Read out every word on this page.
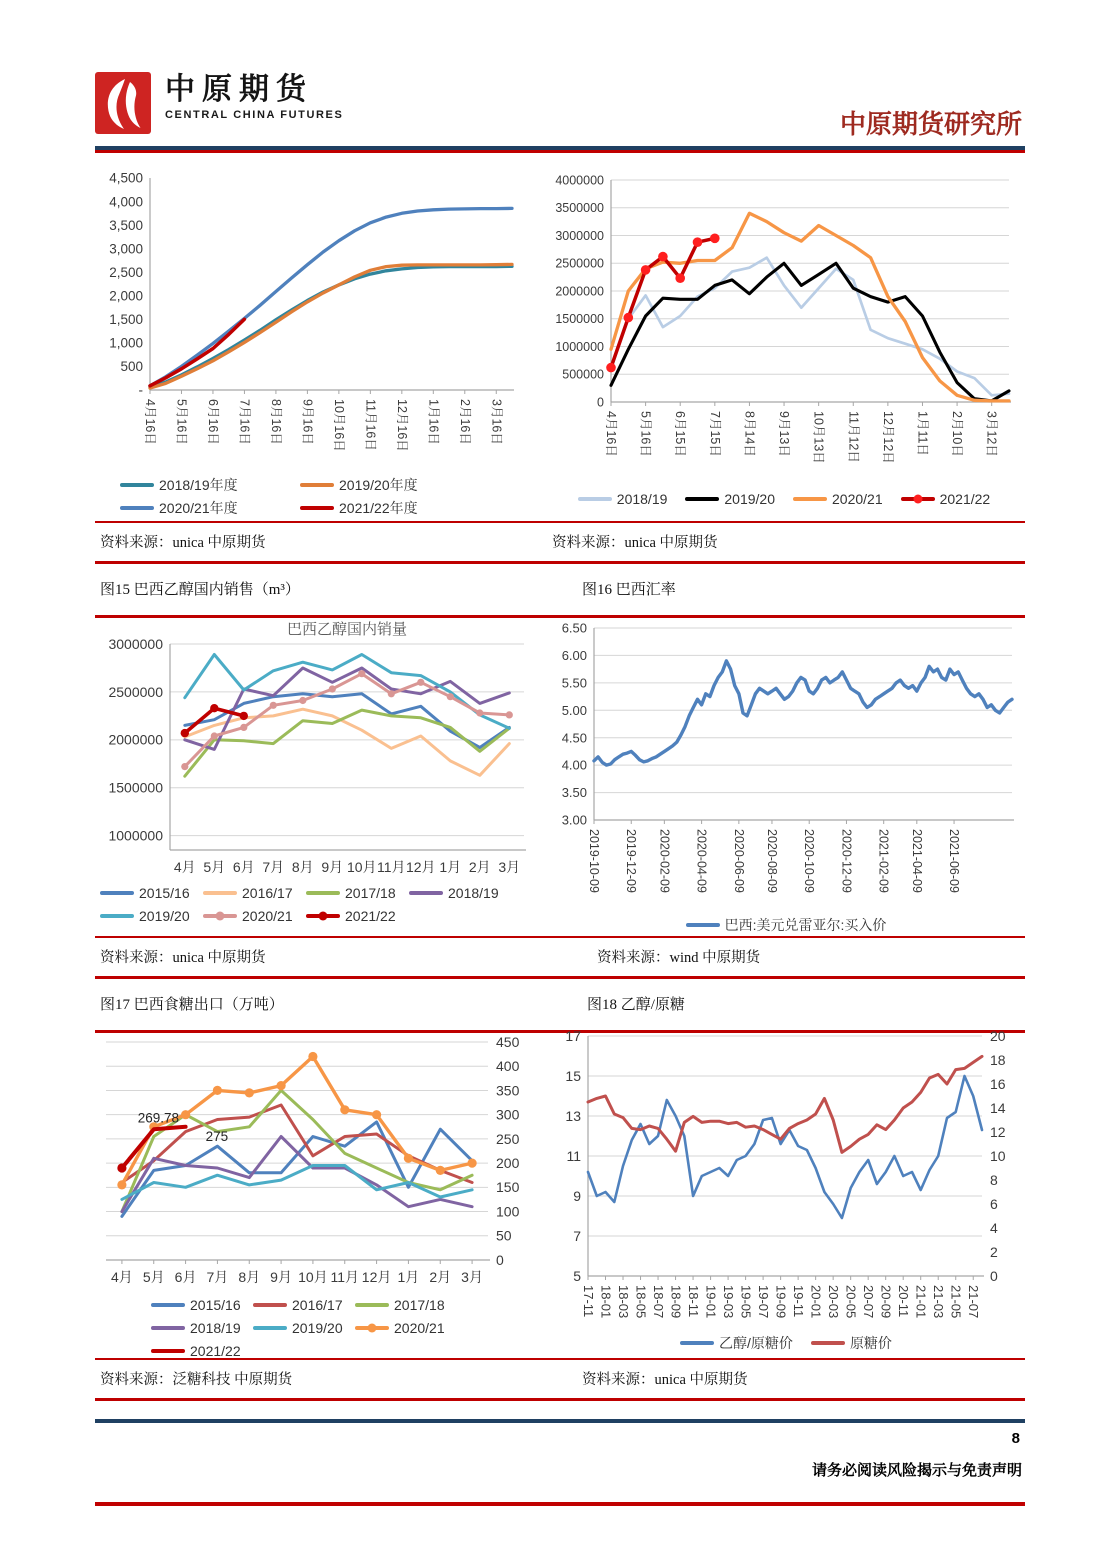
中原期货
CENTRAL CHINA FUTURES	中原期货研究所
-
500
1,000
1,500
2,000
2,500
3,000
3,500
4,000
4,500
4月16日 5月16日 6月16日 7月16日 8月16日 9月16日 10月16日 11月16日 12月16日 1月16日 2月16日 3月16日
2018/19年度	2019/20年度
2020/21年度	2021/22年度
0
500000
1000000
1500000
2000000
2500000
3000000
3500000
4000000
4月16日 5月16日 6月15日 7月15日 8月14日 9月13日 10月13日 11月12日 12月12日 1月11日 2月10日 3月12日
2018/19	2019/20	2020/21	2021/22
资料来源：unica 中原期货	资料来源：unica 中原期货
图15 巴西乙醇国内销售（m³）	图16 巴西汇率
1000000
1500000
2000000
2500000
3000000
4月 5月 6月 7月 8月 9月 10月 11月 12月 1月 2月 3月
巴西乙醇国内销量
2015/16	2016/17	2017/18	2018/19
2019/20	2020/21	2021/22
3.00
3.50
4.00
4.50
5.00
5.50
6.00
6.50
2019-10-09 2019-12-09 2020-02-09 2020-04-09 2020-06-09 2020-08-09 2020-10-09 2020-12-09 2021-02-09 2021-04-09 2021-06-09
巴西:美元兑雷亚尔:买入价
资料来源：unica 中原期货	资料来源：wind 中原期货
图17 巴西食糖出口（万吨）	图18 乙醇/原糖
0
50
100
150
200
250
300
350
400
450
4月 5月 6月 7月 8月 9月 10月 11月 12月 1月 2月 3月
269.78
275
2015/16	2016/17	2017/18
2018/19	2019/20	2020/21
2021/22
5
7
9
11
13
15
17
0
2
4
6
8
10
12
14
16
18
20
17-11 18-01 18-03 18-05 18-07 18-09 18-11 19-01 19-03 19-05 19-07 19-09 19-11 20-01 20-03 20-05 20-07 20-09 20-11 21-01 21-03 21-05 21-07
乙醇/原糖价	原糖价
资料来源：泛糖科技 中原期货	资料来源：unica 中原期货
8
请务必阅读风险揭示与免责声明
